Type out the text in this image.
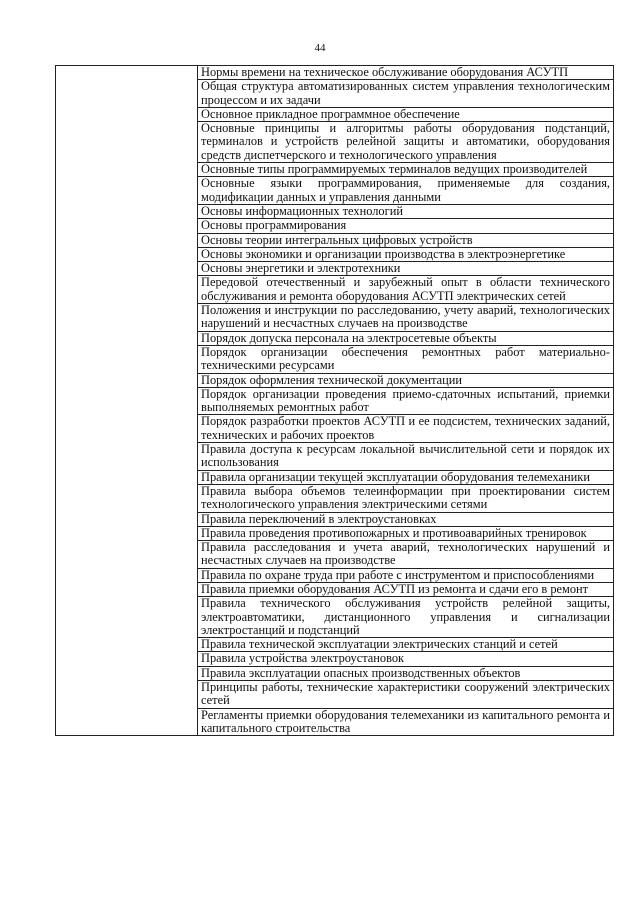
44
	Нормы времени на техническое обслуживание оборудования АСУТП
Общая структура автоматизированных систем управления технологическим процессом и их задачи
Основное прикладное программное обеспечение
Основные принципы и алгоритмы работы оборудования подстанций, терминалов и устройств релейной защиты и автоматики, оборудования средств диспетчерского и технологического управления
Основные типы программируемых терминалов ведущих производителей
Основные языки программирования, применяемые для создания, модификации данных и управления данными
Основы информационных технологий
Основы программирования
Основы теории интегральных цифровых устройств
Основы экономики и организации производства в электроэнергетике
Основы энергетики и электротехники
Передовой отечественный и зарубежный опыт в области технического обслуживания и ремонта оборудования АСУТП электрических сетей
Положения и инструкции по расследованию, учету аварий, технологических нарушений и несчастных случаев на производстве
Порядок допуска персонала на электросетевые объекты
Порядок организации обеспечения ремонтных работ материально-техническими ресурсами
Порядок оформления технической документации
Порядок организации проведения приемо-сдаточных испытаний, приемки выполняемых ремонтных работ
Порядок разработки проектов АСУТП и ее подсистем, технических заданий, технических и рабочих проектов
Правила доступа к ресурсам локальной вычислительной сети и порядок их использования
Правила организации текущей эксплуатации оборудования телемеханики
Правила выбора объемов телеинформации при проектировании систем технологического управления электрическими сетями
Правила переключений в электроустановках
Правила проведения противопожарных и противоаварийных тренировок
Правила расследования и учета аварий, технологических нарушений и несчастных случаев на производстве
Правила по охране труда при работе с инструментом и приспособлениями
Правила приемки оборудования АСУТП из ремонта и сдачи его в ремонт
Правила технического обслуживания устройств релейной защиты, электроавтоматики, дистанционного управления и сигнализации электростанций и подстанций
Правила технической эксплуатации электрических станций и сетей
Правила устройства электроустановок
Правила эксплуатации опасных производственных объектов
Принципы работы, технические характеристики сооружений электрических сетей
Регламенты приемки оборудования телемеханики из капитального ремонта и капитального строительства
